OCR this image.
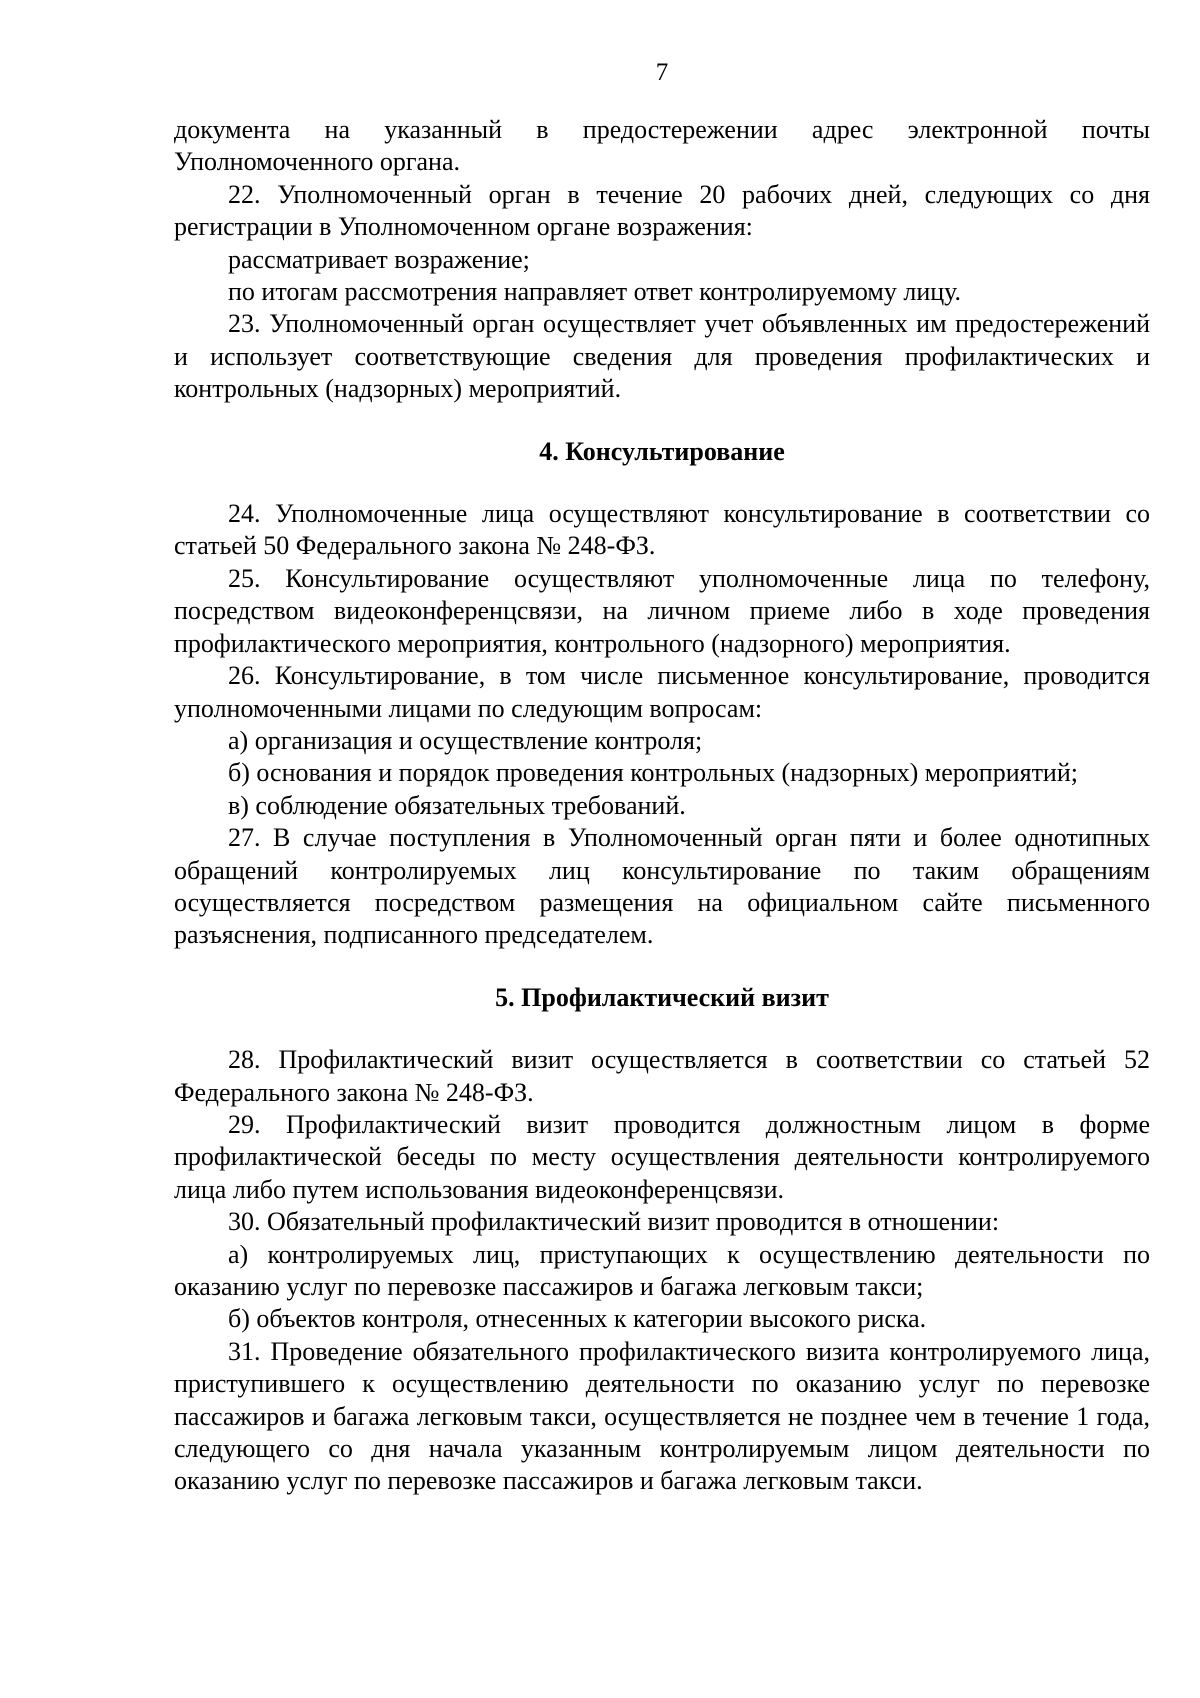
7

документа на указанный в предостережении адрес электронной почты Уполномоченного органа.

22. Уполномоченный орган в течение 20 рабочих дней, следующих со дня регистрации в Уполномоченном органе возражения:

рассматривает возражение;

по итогам рассмотрения направляет ответ контролируемому лицу.

23. Уполномоченный орган осуществляет учет объявленных им предостережений и использует соответствующие сведения для проведения профилактических и контрольных (надзорных) мероприятий.

4. Консультирование

24. Уполномоченные лица осуществляют консультирование в соответствии со статьей 50 Федерального закона № 248-ФЗ.

25. Консультирование осуществляют уполномоченные лица по телефону, посредством видеоконференцсвязи, на личном приеме либо в ходе проведения профилактического мероприятия, контрольного (надзорного) мероприятия.

26. Консультирование, в том числе письменное консультирование, проводится уполномоченными лицами по следующим вопросам:

а) организация и осуществление контроля;

б) основания и порядок проведения контрольных (надзорных) мероприятий;

в) соблюдение обязательных требований.

27. В случае поступления в Уполномоченный орган пяти и более однотипных обращений контролируемых лиц консультирование по таким обращениям осуществляется посредством размещения на официальном сайте письменного разъяснения, подписанного председателем.

5. Профилактический визит

28. Профилактический визит осуществляется в соответствии со статьей 52 Федерального закона № 248-ФЗ.

29. Профилактический визит проводится должностным лицом в форме профилактической беседы по месту осуществления деятельности контролируемого лица либо путем использования видеоконференцсвязи.

30. Обязательный профилактический визит проводится в отношении:

а) контролируемых лиц, приступающих к осуществлению деятельности по оказанию услуг по перевозке пассажиров и багажа легковым такси;

б) объектов контроля, отнесенных к категории высокого риска.

31. Проведение обязательного профилактического визита контролируемого лица, приступившего к осуществлению деятельности по оказанию услуг по перевозке пассажиров и багажа легковым такси, осуществляется не позднее чем в течение 1 года, следующего со дня начала указанным контролируемым лицом деятельности по оказанию услуг по перевозке пассажиров и багажа легковым такси.
